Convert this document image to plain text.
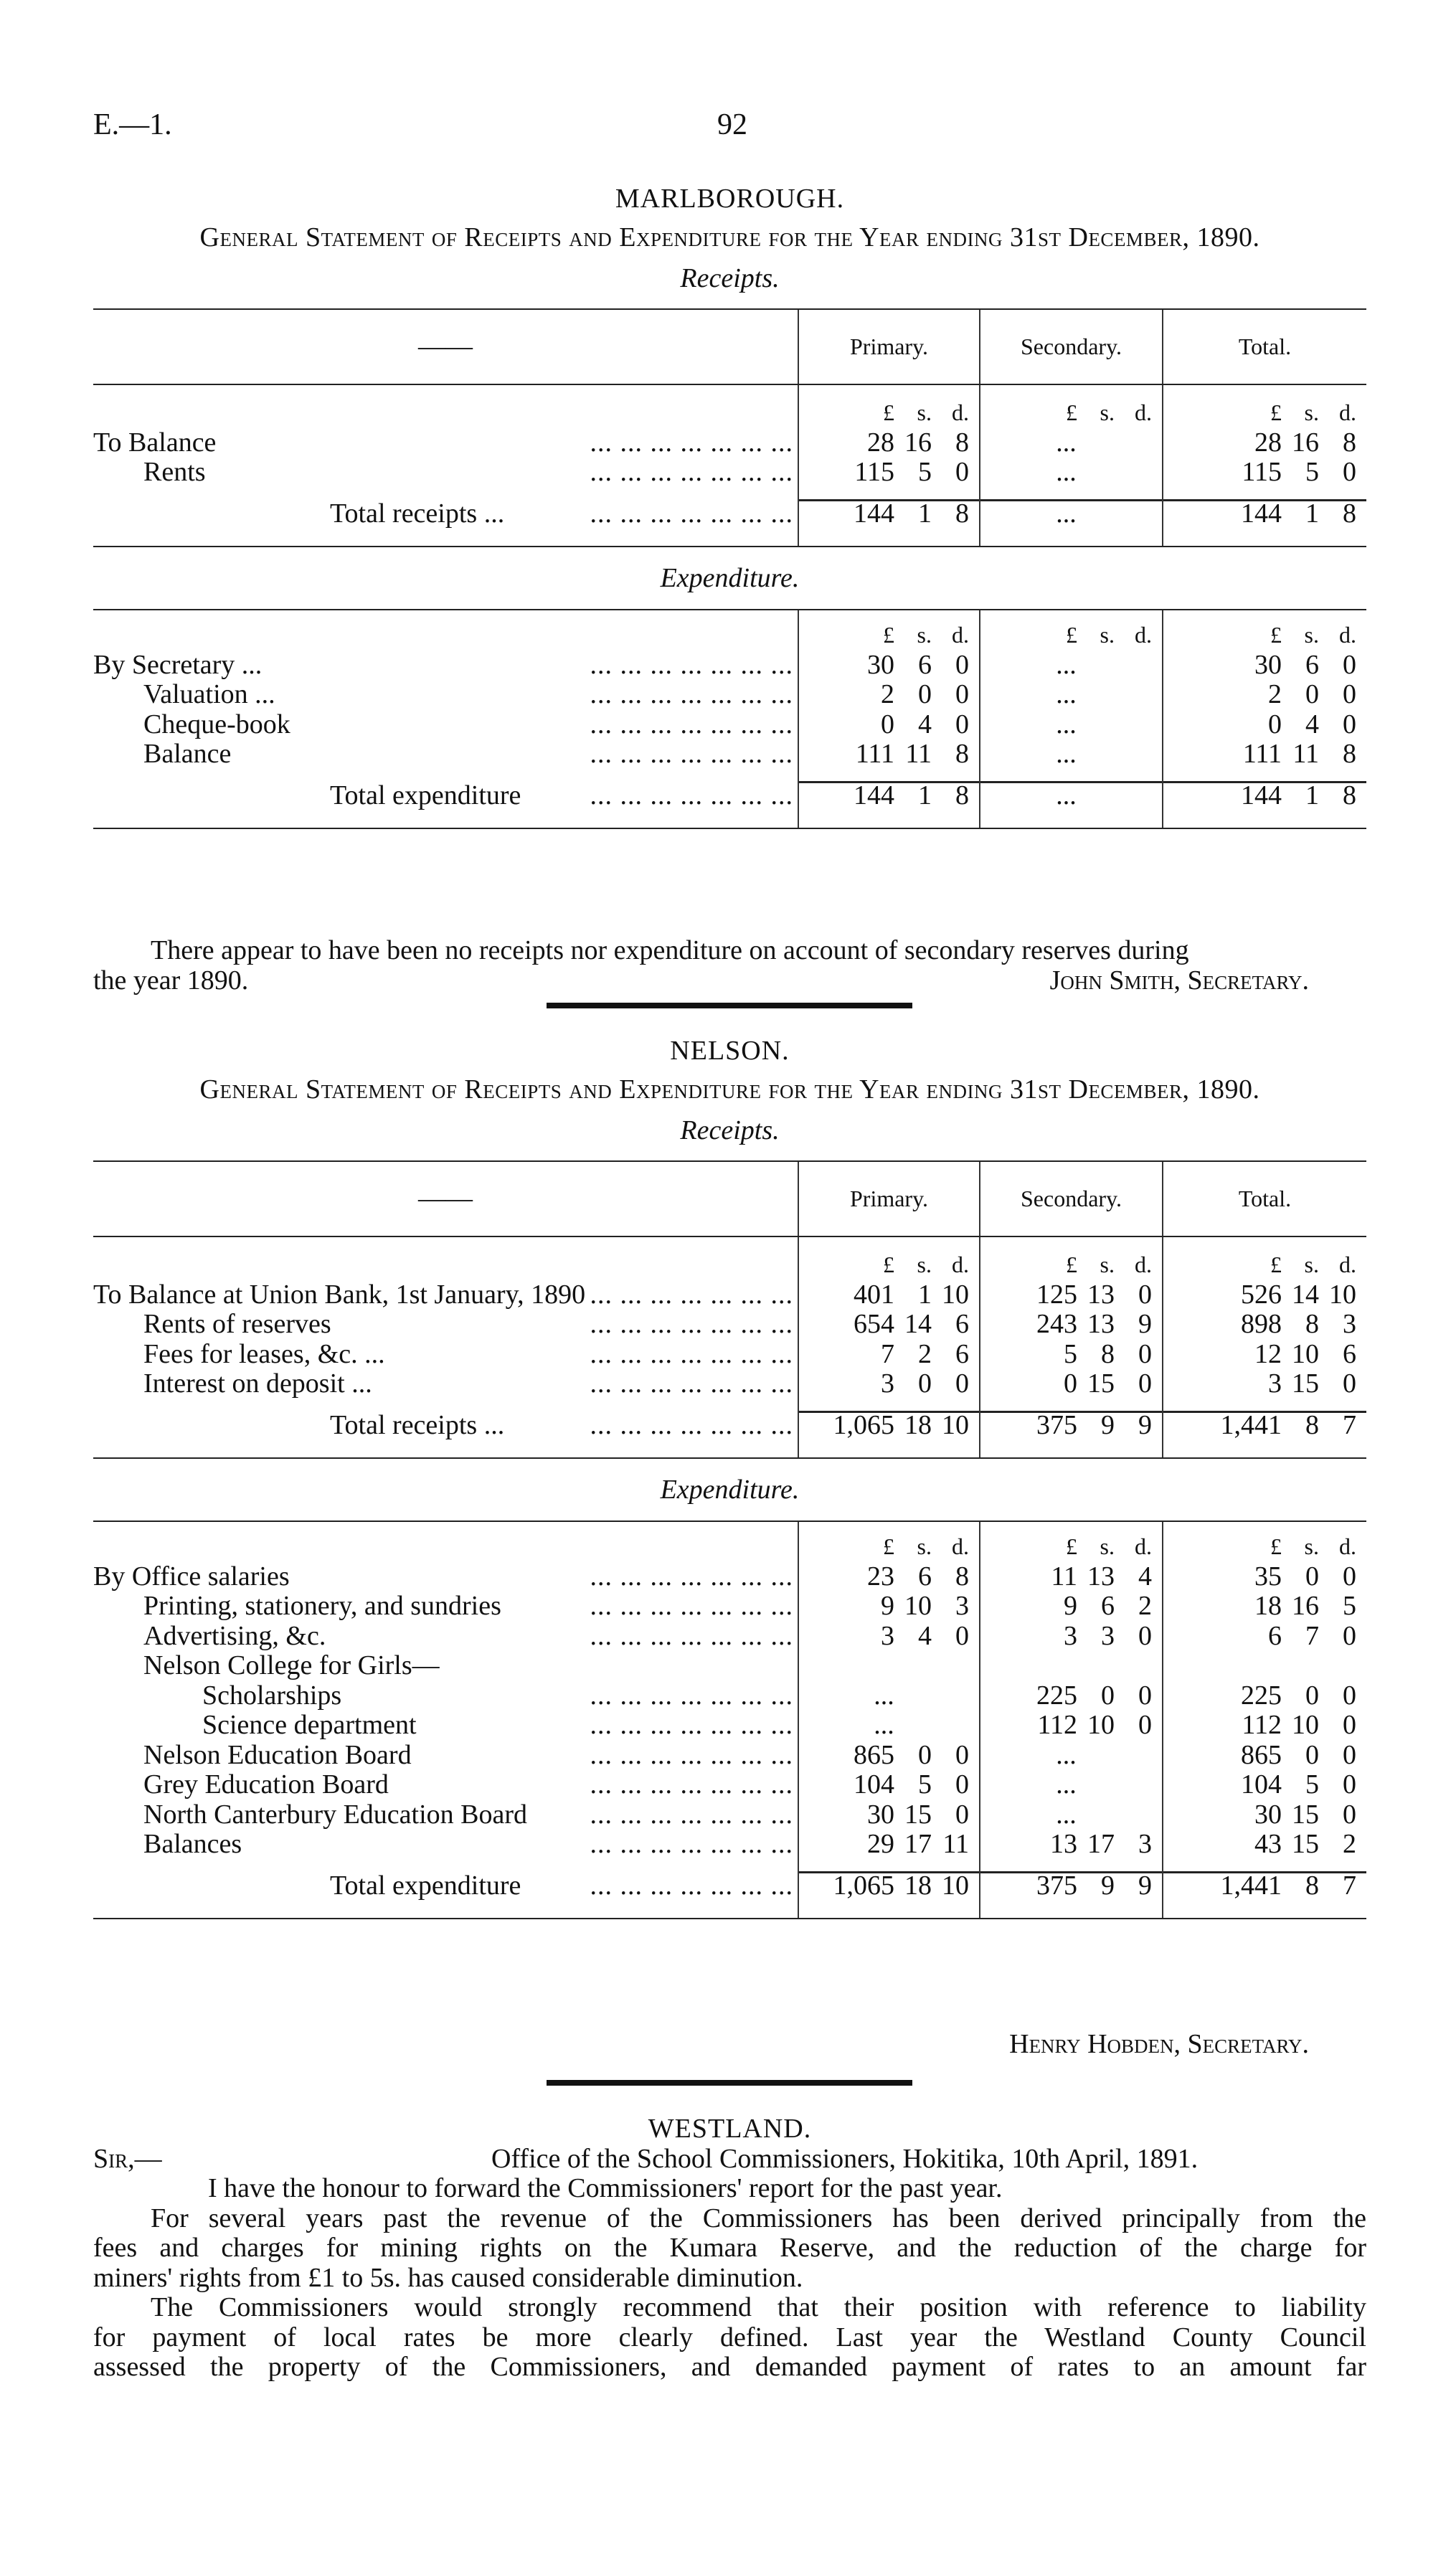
E.—1.	92
MARLBOROUGH.
General Statement of Receipts and Expenditure for the Year ending 31st December, 1890.
Receipts.
——	Primary.	Secondary.	Total.
£ s. d.	£ s. d.	£ s. d.
To Balance ...	28 16 8	...	28 16 8
Rents ...	115 5 0	...	115 5 0
Total receipts ... ...	144 1 8	...	144 1 8
Expenditure.
£ s. d.	£ s. d.	£ s. d.
By Secretary ... ...	30 6 0	...	30 6 0
Valuation ... ...	2 0 0	...	2 0 0
Cheque-book ...	0 4 0	...	0 4 0
Balance ...	111 11 8	...	111 11 8
Total expenditure ...	144 1 8	...	144 1 8
NELSON.
General Statement of Receipts and Expenditure for the Year ending 31st December, 1890.
Receipts.
——	Primary.	Secondary.	Total.
£ s. d.	£ s. d.	£ s. d.
To Balance at Union Bank, 1st January, 1890 ...	401 1 10	125 13 0	526 14 10
Rents of reserves ...	654 14 6	243 13 9	898 8 3
Fees for leases, &c. ... ...	7 2 6	5 8 0	12 10 6
Interest on deposit ... ...	3 0 0	0 15 0	3 15 0
Total receipts ... ...	1,065 18 10	375 9 9	1,441 8 7
Expenditure.
£ s. d.	£ s. d.	£ s. d.
By Office salaries ...	23 6 8	11 13 4	35 0 0
Printing, stationery, and sundries ...	9 10 3	9 6 2	18 16 5
Advertising, &c. ...	3 4 0	3 3 0	6 7 0
Nelson College for Girls—
Scholarships ...	...	225 0 0	225 0 0
Science department ...	...	112 10 0	112 10 0
Nelson Education Board ...	865 0 0	...	865 0 0
Grey Education Board ...	104 5 0	...	104 5 0
North Canterbury Education Board ...	30 15 0	...	30 15 0
Balances ...	29 17 11	13 17 3	43 15 2
Total expenditure ...	1,065 18 10	375 9 9	1,441 8 7
There appear to have been no receipts nor expenditure on account of secondary reserves during
the year 1890.	John Smith, Secretary.
Henry Hobden, Secretary.
WESTLAND.
Sir,—	Office of the School Commissioners, Hokitika, 10th April, 1891.
I have the honour to forward the Commissioners' report for the past year.
For several years past the revenue of the Commissioners has been derived principally from the
fees and charges for mining rights on the Kumara Reserve, and the reduction of the charge for
miners' rights from £1 to 5s. has caused considerable diminution.
The Commissioners would strongly recommend that their position with reference to liability
for payment of local rates be more clearly defined. Last year the Westland County Council
assessed the property of the Commissioners, and demanded payment of rates to an amount far
